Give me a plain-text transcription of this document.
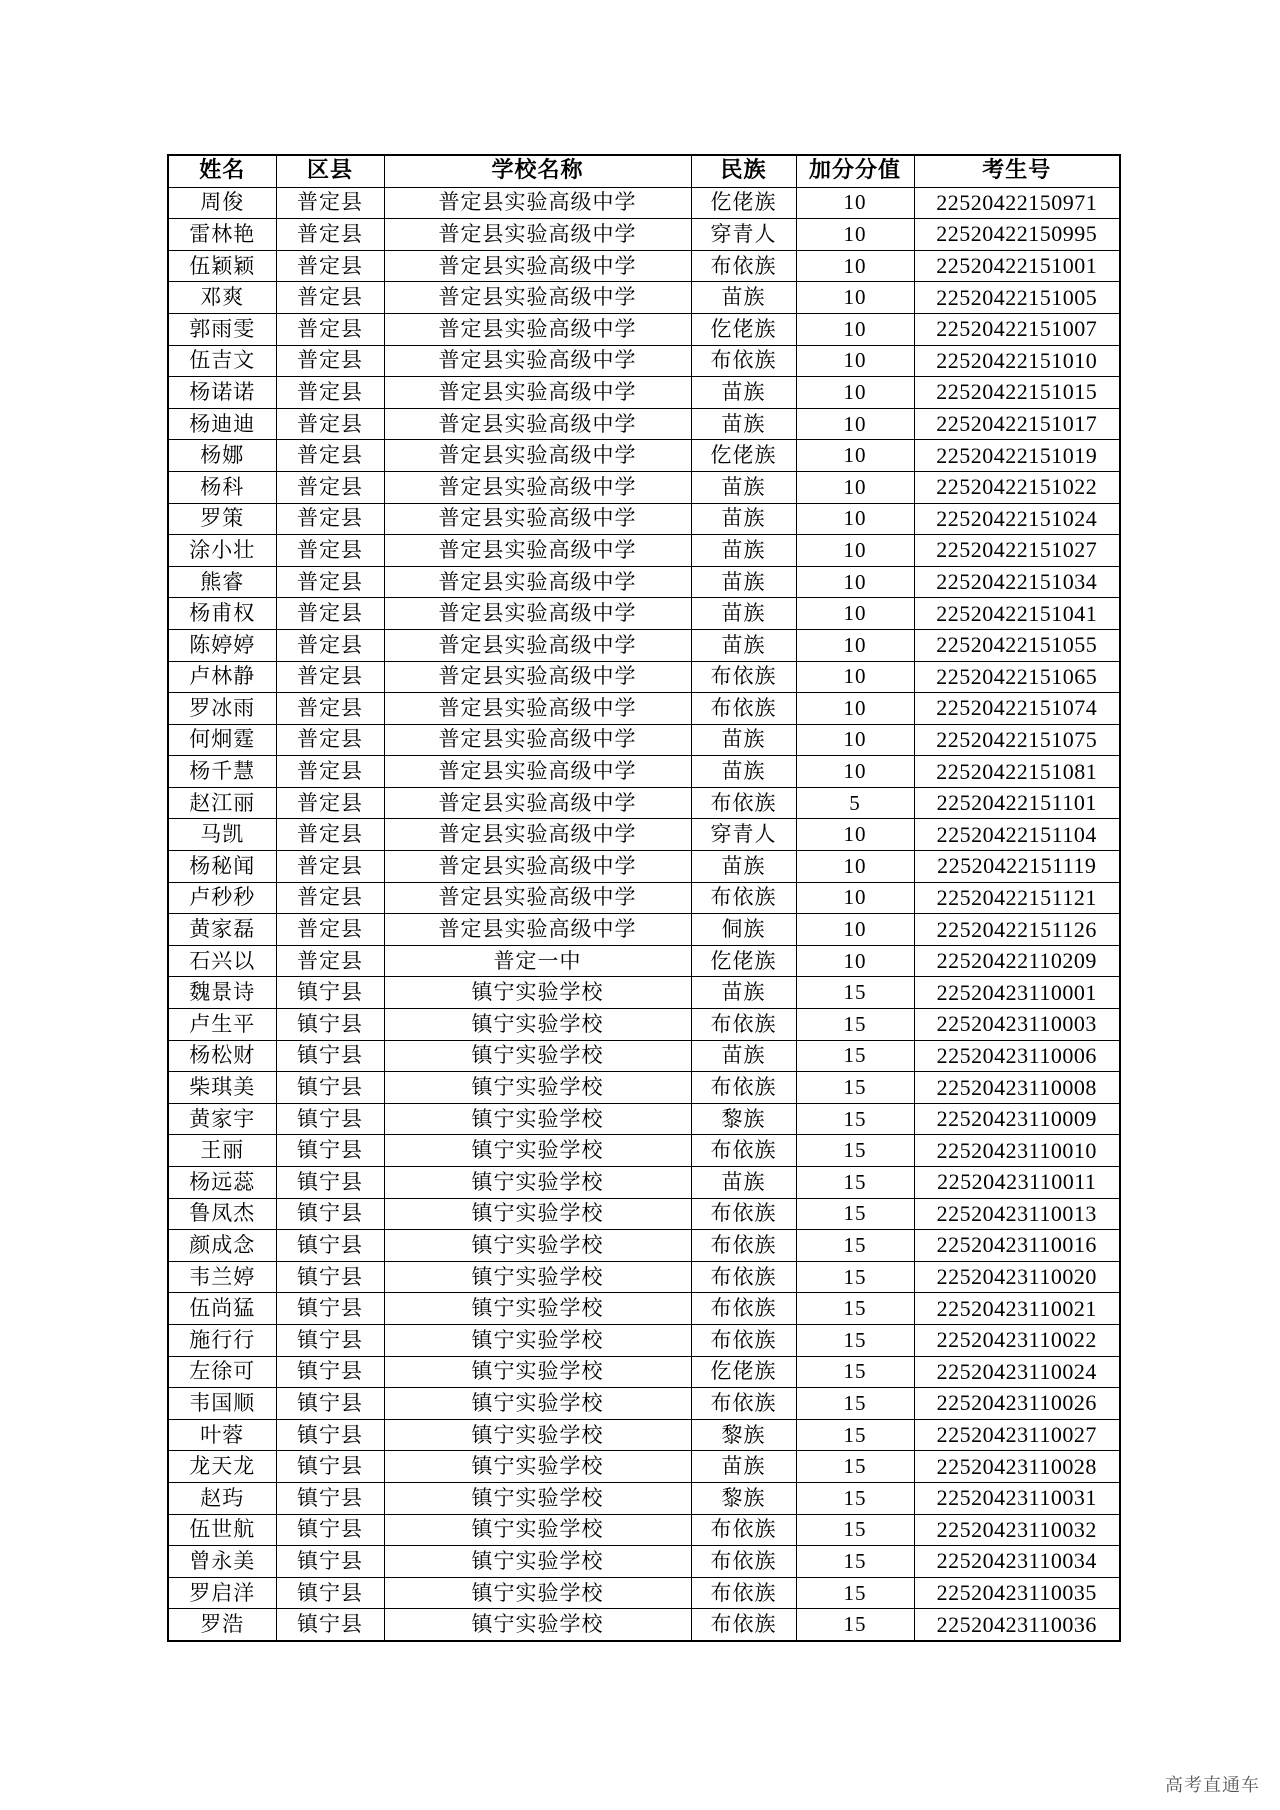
姓名	区县	学校名称	民族	加分分值	考生号
周俊	普定县	普定县实验高级中学	仡佬族	10	22520422150971
雷林艳	普定县	普定县实验高级中学	穿青人	10	22520422150995
伍颖颖	普定县	普定县实验高级中学	布依族	10	22520422151001
邓爽	普定县	普定县实验高级中学	苗族	10	22520422151005
郭雨雯	普定县	普定县实验高级中学	仡佬族	10	22520422151007
伍吉文	普定县	普定县实验高级中学	布依族	10	22520422151010
杨诺诺	普定县	普定县实验高级中学	苗族	10	22520422151015
杨迪迪	普定县	普定县实验高级中学	苗族	10	22520422151017
杨娜	普定县	普定县实验高级中学	仡佬族	10	22520422151019
杨科	普定县	普定县实验高级中学	苗族	10	22520422151022
罗策	普定县	普定县实验高级中学	苗族	10	22520422151024
涂小壮	普定县	普定县实验高级中学	苗族	10	22520422151027
熊睿	普定县	普定县实验高级中学	苗族	10	22520422151034
杨甫权	普定县	普定县实验高级中学	苗族	10	22520422151041
陈婷婷	普定县	普定县实验高级中学	苗族	10	22520422151055
卢林静	普定县	普定县实验高级中学	布依族	10	22520422151065
罗冰雨	普定县	普定县实验高级中学	布依族	10	22520422151074
何炯霆	普定县	普定县实验高级中学	苗族	10	22520422151075
杨千慧	普定县	普定县实验高级中学	苗族	10	22520422151081
赵江丽	普定县	普定县实验高级中学	布依族	5	22520422151101
马凯	普定县	普定县实验高级中学	穿青人	10	22520422151104
杨秘闻	普定县	普定县实验高级中学	苗族	10	22520422151119
卢秒秒	普定县	普定县实验高级中学	布依族	10	22520422151121
黄家磊	普定县	普定县实验高级中学	侗族	10	22520422151126
石兴以	普定县	普定一中	仡佬族	10	22520422110209
魏景诗	镇宁县	镇宁实验学校	苗族	15	22520423110001
卢生平	镇宁县	镇宁实验学校	布依族	15	22520423110003
杨松财	镇宁县	镇宁实验学校	苗族	15	22520423110006
柴琪美	镇宁县	镇宁实验学校	布依族	15	22520423110008
黄家宇	镇宁县	镇宁实验学校	黎族	15	22520423110009
王丽	镇宁县	镇宁实验学校	布依族	15	22520423110010
杨远蕊	镇宁县	镇宁实验学校	苗族	15	22520423110011
鲁凤杰	镇宁县	镇宁实验学校	布依族	15	22520423110013
颜成念	镇宁县	镇宁实验学校	布依族	15	22520423110016
韦兰婷	镇宁县	镇宁实验学校	布依族	15	22520423110020
伍尚猛	镇宁县	镇宁实验学校	布依族	15	22520423110021
施行行	镇宁县	镇宁实验学校	布依族	15	22520423110022
左徐可	镇宁县	镇宁实验学校	仡佬族	15	22520423110024
韦国顺	镇宁县	镇宁实验学校	布依族	15	22520423110026
叶蓉	镇宁县	镇宁实验学校	黎族	15	22520423110027
龙天龙	镇宁县	镇宁实验学校	苗族	15	22520423110028
赵玙	镇宁县	镇宁实验学校	黎族	15	22520423110031
伍世航	镇宁县	镇宁实验学校	布依族	15	22520423110032
曾永美	镇宁县	镇宁实验学校	布依族	15	22520423110034
罗启洋	镇宁县	镇宁实验学校	布依族	15	22520423110035
罗浩	镇宁县	镇宁实验学校	布依族	15	22520423110036
高考直通车
